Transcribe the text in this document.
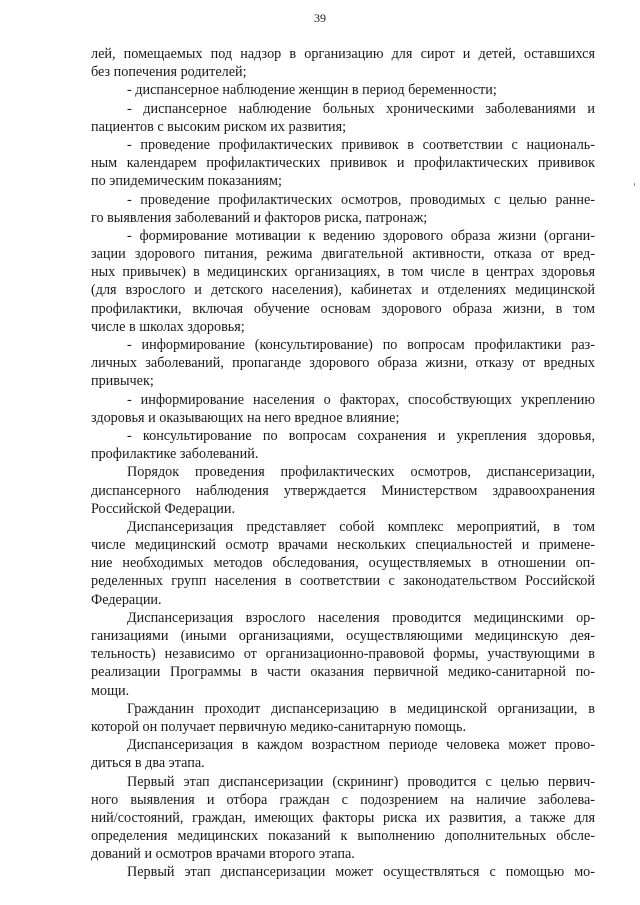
39
лей, помещаемых под надзор в организацию для сирот и детей, оставшихся
без попечения родителей;
- диспансерное наблюдение женщин в период беременности;
- диспансерное наблюдение больных хроническими заболеваниями и
пациентов с высоким риском их развития;
- проведение профилактических прививок в соответствии с националь-
ным календарем профилактических прививок и профилактических прививок
по эпидемическим показаниям;
- проведение профилактических осмотров, проводимых с целью ранне-
го выявления заболеваний и факторов риска, патронаж;
- формирование мотивации к ведению здорового образа жизни (органи-
зации здорового питания, режима двигательной активности, отказа от вред-
ных привычек) в медицинских организациях, в том числе в центрах здоровья
(для взрослого и детского населения), кабинетах и отделениях медицинской
профилактики, включая обучение основам здорового образа жизни, в том
числе в школах здоровья;
- информирование (консультирование) по вопросам профилактики раз-
личных заболеваний, пропаганде здорового образа жизни, отказу от вредных
привычек;
- информирование населения о факторах, способствующих укреплению
здоровья и оказывающих на него вредное влияние;
- консультирование по вопросам сохранения и укрепления здоровья,
профилактике заболеваний.
Порядок проведения профилактических осмотров, диспансеризации,
диспансерного наблюдения утверждается Министерством здравоохранения
Российской Федерации.
Диспансеризация представляет собой комплекс мероприятий, в том
числе медицинский осмотр врачами нескольких специальностей и примене-
ние необходимых методов обследования, осуществляемых в отношении оп-
ределенных групп населения в соответствии с законодательством Российской
Федерации.
Диспансеризация взрослого населения проводится медицинскими ор-
ганизациями (иными организациями, осуществляющими медицинскую дея-
тельность) независимо от организационно-правовой формы, участвующими в
реализации Программы в части оказания первичной медико-санитарной по-
мощи.
Гражданин проходит диспансеризацию в медицинской организации, в
которой он получает первичную медико-санитарную помощь.
Диспансеризация в каждом возрастном периоде человека может прово-
диться в два этапа.
Первый этап диспансеризации (скрининг) проводится с целью первич-
ного выявления и отбора граждан с подозрением на наличие заболева-
ний/состояний, граждан, имеющих факторы риска их развития, а также для
определения медицинских показаний к выполнению дополнительных обсле-
дований и осмотров врачами второго этапа.
Первый этап диспансеризации может осуществляться с помощью мо-
